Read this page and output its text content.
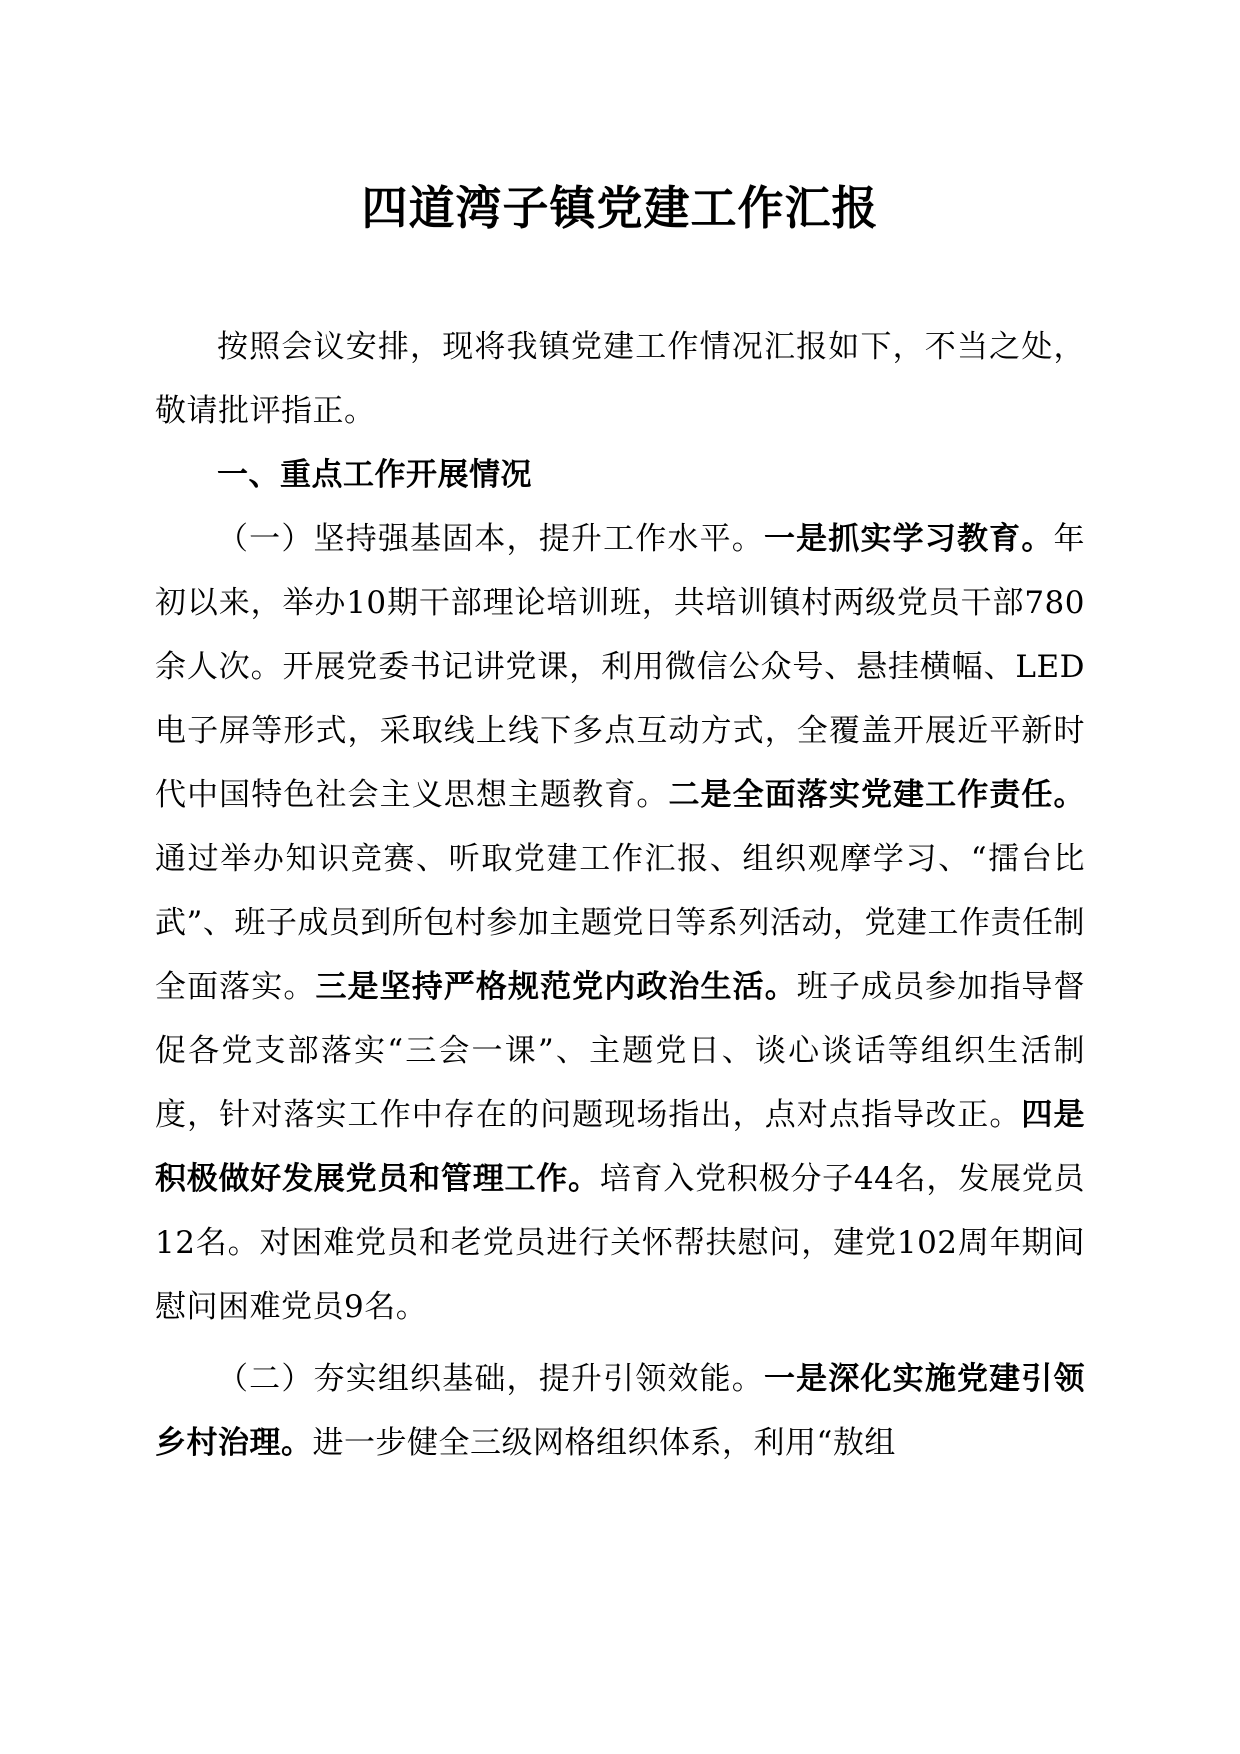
四道湾子镇党建工作汇报

按照会议安排，现将我镇党建工作情况汇报如下，不当之处，敬请批评指正。

一、重点工作开展情况

（一）坚持强基固本，提升工作水平。一是抓实学习教育。年初以来，举办10期干部理论培训班，共培训镇村两级党员干部780余人次。开展党委书记讲党课，利用微信公众号、悬挂横幅、LED电子屏等形式，采取线上线下多点互动方式，全覆盖开展近平新时代中国特色社会主义思想主题教育。二是全面落实党建工作责任。通过举办知识竞赛、听取党建工作汇报、组织观摩学习、“擂台比武”、班子成员到所包村参加主题党日等系列活动，党建工作责任制全面落实。三是坚持严格规范党内政治生活。班子成员参加指导督促各党支部落实“三会一课”、主题党日、谈心谈话等组织生活制度，针对落实工作中存在的问题现场指出，点对点指导改正。四是积极做好发展党员和管理工作。培育入党积极分子44名，发展党员12名。对困难党员和老党员进行关怀帮扶慰问，建党102周年期间慰问困难党员9名。

（二）夯实组织基础，提升引领效能。一是深化实施党建引领乡村治理。进一步健全三级网格组织体系，利用“敖组
